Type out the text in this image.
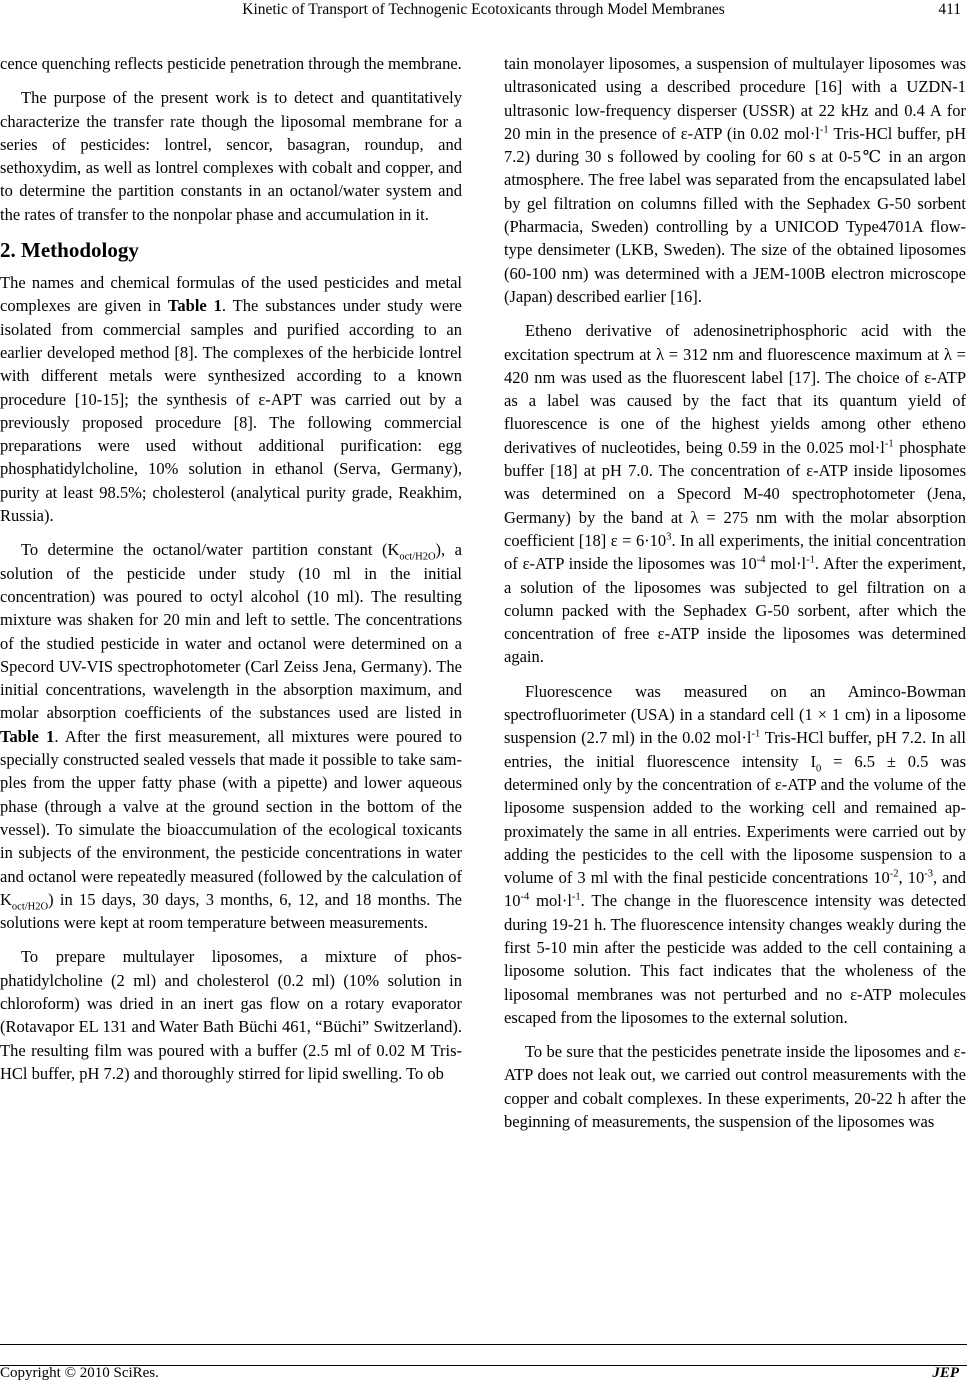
Kinetic of Transport of Technogenic Ecotoxicants through Model Membranes	411

cence quenching reflects pesticide penetration through the membrane.

The purpose of the present work is to detect and quantitatively characterize the transfer rate though the liposomal membrane for a series of pesticides: lontrel, sencor, basagran, roundup, and sethoxydim, as well as lontrel complexes with cobalt and copper, and to determine the partition constants in an octanol/water system and the rates of transfer to the nonpolar phase and accumulation in it.

2. Methodology

The names and chemical formulas of the used pesticides and metal complexes are given in Table 1. The substances under study were isolated from commercial samples and purified according to an earlier developed method [8]. The complexes of the herbicide lontrel with different metals were synthesized according to a known procedure [10-15]; the synthesis of ε-APT was carried out by a previously proposed procedure [8]. The following commercial preparations were used without additional purification: egg phosphatidylcholine, 10% solution in ethanol (Serva, Germany), purity at least 98.5%; cholesterol (analytical purity grade, Reakhim, Russia).

To determine the octanol/water partition constant $(K_{oct/H2O})$, a solution of the pesticide under study (10 ml in the initial concentration) was poured to octyl alcohol (10 ml). The resulting mixture was shaken for 20 min and left to settle. The concentrations of the studied pesticide in water and octanol were determined on a Specord UV-VIS spectrophotometer (Carl Zeiss Jena, Germany). The initial concentrations, wavelength in the absorption maximum, and molar absorption coefficients of the substances used are listed in Table 1. After the first measurement, all mixtures were poured to specially constructed sealed vessels that made it possible to take samples from the upper fatty phase (with a pipette) and lower aqueous phase (through a valve at the ground section in the bottom of the vessel). To simulate the bioaccumulation of the ecological toxicants in subjects of the environment, the pesticide concentrations in water and octanol were repeatedly measured (followed by the calculation of $K_{oct/H2O}$) in 15 days, 30 days, 3 months, 6, 12, and 18 months. The solutions were kept at room temperature between measurements.

To prepare multulayer liposomes, a mixture of phosphatidylcholine (2 ml) and cholesterol (0.2 ml) (10% solution in chloroform) was dried in an inert gas flow on a rotary evaporator (Rotavapor EL 131 and Water Bath Büchi 461, “Büchi” Switzerland). The resulting film was poured with a buffer (2.5 ml of 0.02 M Tris-HCl buffer, pH 7.2) and thoroughly stirred for lipid swelling. To ob

tain monolayer liposomes, a suspension of multulayer liposomes was ultrasonicated using a described procedure [16] with a UZDN-1 ultrasonic low-frequency disperser (USSR) at 22 kHz and 0.4 A for 20 min in the presence of ε-ATP (in 0.02 $mol\cdot l^{-1}$ Tris-HCl buffer, pH 7.2) during 30 s followed by cooling for 60 s at 0-5℃ in an argon atmosphere. The free label was separated from the encapsulated label by gel filtration on columns filled with the Sephadex G-50 sorbent (Pharmacia, Sweden) controlling by a UNICOD Type4701A flow-type densimeter (LKB, Sweden). The size of the obtained liposomes (60-100 nm) was determined with a JEM-100B electron microscope (Japan) described earlier [16].

Etheno derivative of adenosinetriphosphoric acid with the excitation spectrum at λ = 312 nm and fluorescence maximum at λ = 420 nm was used as the fluorescent label [17]. The choice of ε-ATP as a label was caused by the fact that its quantum yield of fluorescence is one of the highest yields among other etheno derivatives of nucleotides, being 0.59 in the 0.025 $mol\cdot l^{-1}$ phosphate buffer [18] at pH 7.0. The concentration of ε-ATP inside liposomes was determined on a Specord M-40 spectrophotometer (Jena, Germany) by the band at λ = 275 nm with the molar absorption coefficient [18] $\varepsilon = 6\cdot 10^3$. In all experiments, the initial concentration of ε-ATP inside the liposomes was $10^{-4}$ $mol\cdot l^{-1}$. After the experiment, a solution of the liposomes was subjected to gel filtration on a column packed with the Sephadex G-50 sorbent, after which the concentration of free ε-ATP inside the liposomes was determined again.

Fluorescence was measured on an Aminco-Bowman spectrofluorimeter (USA) in a standard cell (1 × 1 cm) in a liposome suspension (2.7 ml) in the 0.02 $mol\cdot l^{-1}$ Tris-HCl buffer, pH 7.2. In all entries, the initial fluorescence intensity $I_0 = 6.5 \pm 0.5$ was determined only by the concentration of ε-ATP and the volume of the liposome suspension added to the working cell and remained approximately the same in all entries. Experiments were carried out by adding the pesticides to the cell with the liposome suspension to a volume of 3 ml with the final pesticide concentrations $10^{-2}$, $10^{-3}$, and $10^{-4}$ $mol\cdot l^{-1}$. The change in the fluorescence intensity was detected during 19-21 h. The fluorescence intensity changes weakly during the first 5-10 min after the pesticide was added to the cell containing a liposome solution. This fact indicates that the wholeness of the liposomal membranes was not perturbed and no ε-ATP molecules escaped from the liposomes to the external solution.

To be sure that the pesticides penetrate inside the liposomes and ε-ATP does not leak out, we carried out control measurements with the copper and cobalt complexes. In these experiments, 20-22 h after the beginning of measurements, the suspension of the liposomes was

Copyright © 2010 SciRes.	JEP
